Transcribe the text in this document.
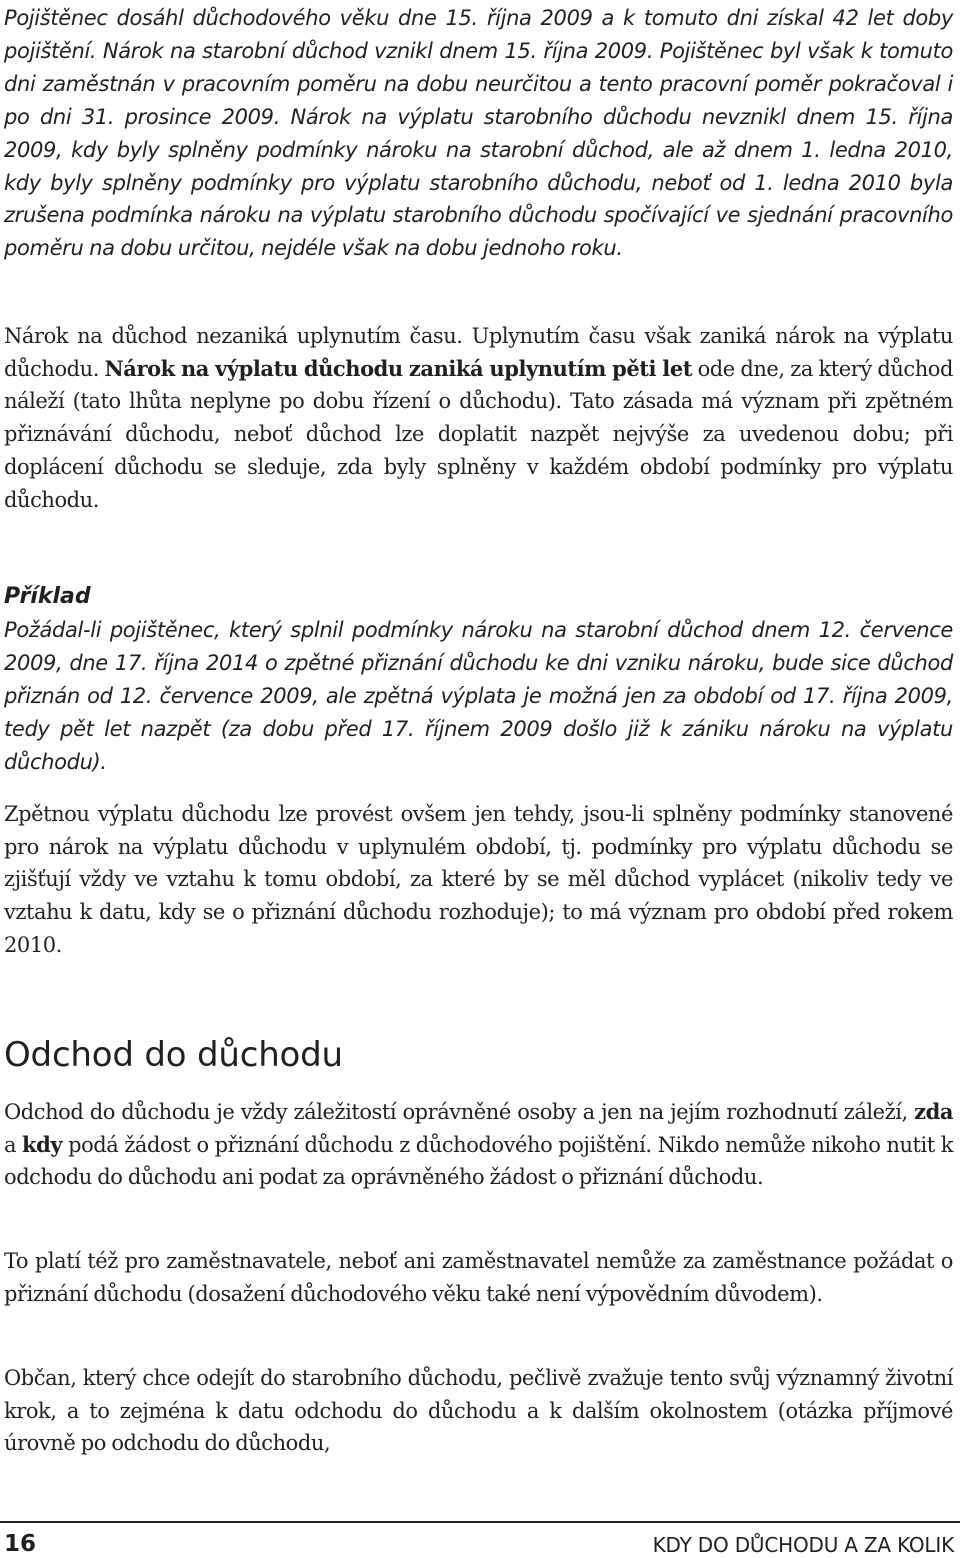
Pojištěnec dosáhl důchodového věku dne 15. října 2009 a k tomuto dni získal 42 let doby pojištění. Nárok na starobní důchod vznikl dnem 15. října 2009. Pojištěnec byl však k tomuto dni zaměstnán v pracovním poměru na dobu neurčitou a tento pracovní poměr pokračoval i po dni 31. prosince 2009. Nárok na výplatu starobního důchodu nevznikl dnem 15. října 2009, kdy byly splněny podmínky nároku na starobní důchod, ale až dnem 1. ledna 2010, kdy byly splněny podmínky pro výplatu starobního důchodu, neboť od 1. ledna 2010 byla zrušena podmínka nároku na výplatu starobního důchodu spočívající ve sjednání pracovního poměru na dobu určitou, nejdéle však na dobu jednoho roku.

Nárok na důchod nezaniká uplynutím času. Uplynutím času však zaniká nárok na výplatu důchodu. Nárok na výplatu důchodu zaniká uplynutím pěti let ode dne, za který důchod náleží (tato lhůta neplyne po dobu řízení o důchodu). Tato zásada má význam při zpětném přiznávání důchodu, neboť důchod lze doplatit nazpět nejvýše za uvedenou dobu; při doplácení důchodu se sleduje, zda byly splněny v každém období podmínky pro výplatu důchodu.

Příklad

Požádal-li pojištěnec, který splnil podmínky nároku na starobní důchod dnem 12. července 2009, dne 17. října 2014 o zpětné přiznání důchodu ke dni vzniku nároku, bude sice důchod přiznán od 12. července 2009, ale zpětná výplata je možná jen za období od 17. října 2009, tedy pět let nazpět (za dobu před 17. říjnem 2009 došlo již k zániku nároku na výplatu důchodu).

Zpětnou výplatu důchodu lze provést ovšem jen tehdy, jsou-li splněny podmínky stanovené pro nárok na výplatu důchodu v uplynulém období, tj. podmínky pro výplatu důchodu se zjišťují vždy ve vztahu k tomu období, za které by se měl důchod vyplácet (nikoliv tedy ve vztahu k datu, kdy se o přiznání důchodu rozhoduje); to má význam pro období před rokem 2010.

Odchod do důchodu

Odchod do důchodu je vždy záležitostí oprávněné osoby a jen na jejím rozhodnutí záleží, zda a kdy podá žádost o přiznání důchodu z důchodového pojištění. Nikdo nemůže nikoho nutit k odchodu do důchodu ani podat za oprávněného žádost o přiznání důchodu.

To platí též pro zaměstnavatele, neboť ani zaměstnavatel nemůže za zaměstnance požádat o přiznání důchodu (dosažení důchodového věku také není výpovědním důvodem).

Občan, který chce odejít do starobního důchodu, pečlivě zvažuje tento svůj významný životní krok, a to zejména k datu odchodu do důchodu a k dalším okolnostem (otázka příjmové úrovně po odchodu do důchodu,

16	KDY DO DŮCHODU A ZA KOLIK
